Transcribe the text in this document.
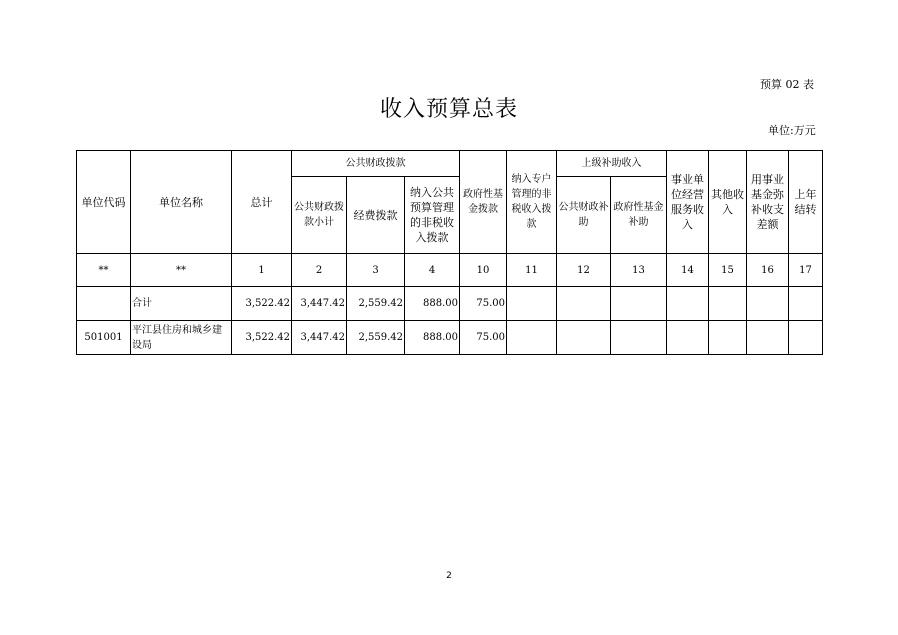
预算 02 表
收入预算总表
单位:万元
单位代码	单位名称	总计	公共财政拨款			政府性基金拨款	纳入专户管理的非税收入拨款	上级补助收入		事业单位经营服务收入	其他收入	用事业基金弥补收支差额	上年结转
			公共财政拨款小计	经费拨款	纳入公共预算管理的非税收入拨款								
								公共财政补助	政府性基金补助				
**	**	1	2	3	4	10	11	12	13	14	15	16	17
	合计	3,522.42	3,447.42	2,559.42	888.00	75.00							
501001	平江县住房和城乡建设局	3,522.42	3,447.42	2,559.42	888.00	75.00							
2
